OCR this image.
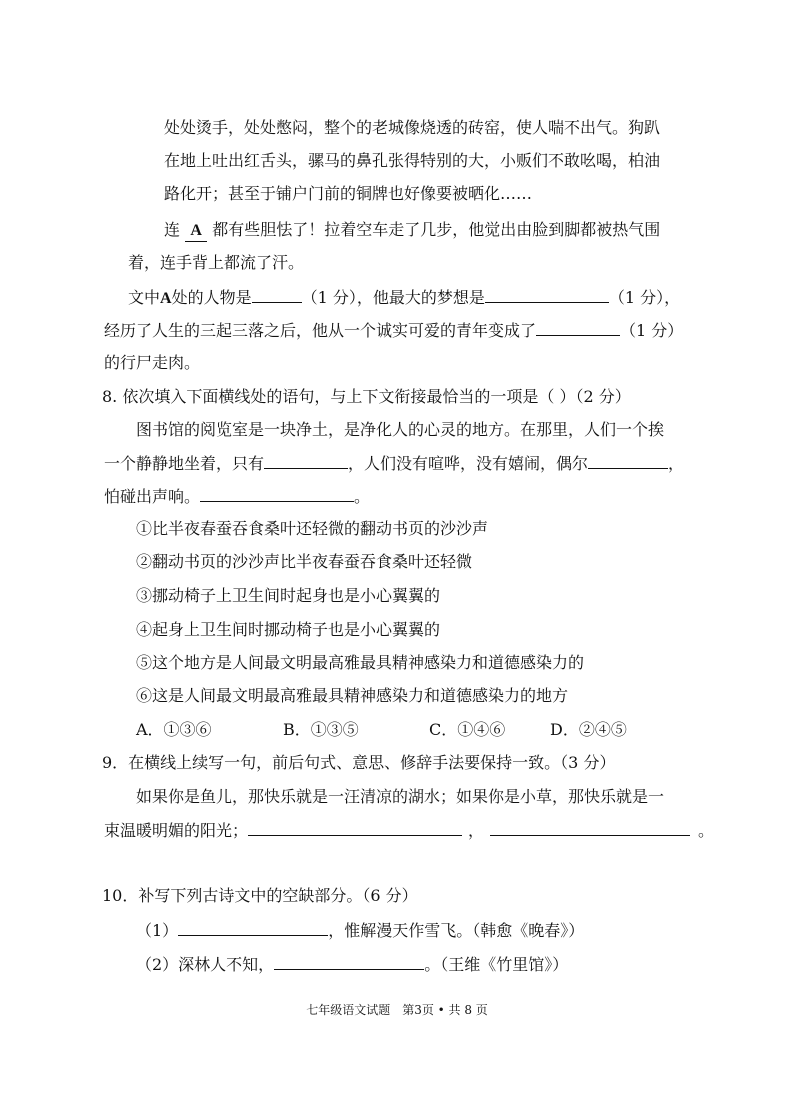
处处烫手，处处憋闷，整个的老城像烧透的砖窑，使人喘不出气。狗趴
在地上吐出红舌头，骡马的鼻孔张得特别的大，小贩们不敢吆喝，柏油
路化开；甚至于铺户门前的铜牌也好像要被晒化……
连 A 都有些胆怯了！拉着空车走了几步，他觉出由脸到脚都被热气围
着，连手背上都流了汗。
文中A处的人物是	（1 分），他最大的梦想是	（1 分），
经历了人生的三起三落之后，他从一个诚实可爱的青年变成了	（1 分）
的行尸走肉。
8. 依次填入下面横线处的语句，与上下文衔接最恰当的一项是（ ）（2 分）
图书馆的阅览室是一块净土，是净化人的心灵的地方。在那里，人们一个挨
一个静静地坐着，只有	，人们没有喧哗，没有嬉闹，偶尔	，
怕碰出声响。	。
①比半夜春蚕吞食桑叶还轻微的翻动书页的沙沙声
②翻动书页的沙沙声比半夜春蚕吞食桑叶还轻微
③挪动椅子上卫生间时起身也是小心翼翼的
④起身上卫生间时挪动椅子也是小心翼翼的
⑤这个地方是人间最文明最高雅最具精神感染力和道德感染力的
⑥这是人间最文明最高雅最具精神感染力和道德感染力的地方
A．①③⑥	B．①③⑤	C．①④⑥	D．②④⑤
9．在横线上续写一句，前后句式、意思、修辞手法要保持一致。（3 分）
如果你是鱼儿，那快乐就是一汪清凉的湖水；如果你是小草，那快乐就是一
束温暖明媚的阳光；	，	。
10．补写下列古诗文中的空缺部分。（6 分）
（1）	，惟解漫天作雪飞。（韩愈《晚春》）
（2）深林人不知，	。（王维《竹里馆》）
七年级语文试题　第3页 • 共 8 页
